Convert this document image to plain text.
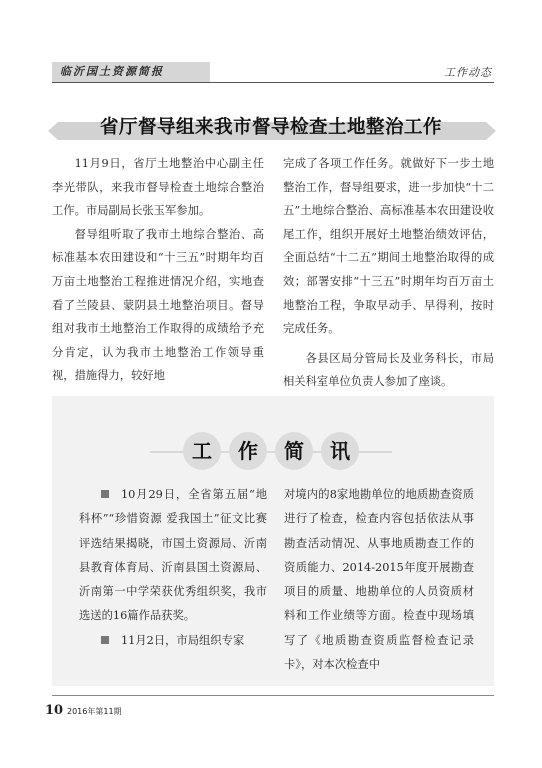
临沂国土资源简报	工作动态
省厅督导组来我市督导检查土地整治工作

11月9日，省厅土地整治中心副主任李光带队，来我市督导检查土地综合整治工作。市局副局长张玉军参加。

督导组听取了我市土地综合整治、高标准基本农田建设和“十三五”时期年均百万亩土地整治工程推进情况介绍，实地查看了兰陵县、蒙阴县土地整治项目。督导组对我市土地整治工作取得的成绩给予充分肯定，认为我市土地整治工作领导重视，措施得力，较好地

完成了各项工作任务。就做好下一步土地整治工作，督导组要求，进一步加快“十二五”土地综合整治、高标准基本农田建设收尾工作，组织开展好土地整治绩效评估，全面总结“十二五”期间土地整治取得的成效；部署安排“十三五”时期年均百万亩土地整治工程，争取早动手、早得利，按时完成任务。

各县区局分管局长及业务科长，市局相关科室单位负责人参加了座谈。

工	作	简	讯

10月29日，全省第五届“地科杯”“珍惜资源 爱我国土”征文比赛评选结果揭晓，市国土资源局、沂南县教育体育局、沂南县国土资源局、沂南第一中学荣获优秀组织奖，我市选送的16篇作品获奖。

11月2日，市局组织专家

对境内的8家地勘单位的地质勘查资质进行了检查，检查内容包括依法从事勘查活动情况、从事地质勘查工作的资质能力、2014-2015年度开展勘查项目的质量、地勘单位的人员资质材料和工作业绩等方面。检查中现场填写了《地质勘查资质监督检查记录卡》，对本次检查中

10 2016年第11期
